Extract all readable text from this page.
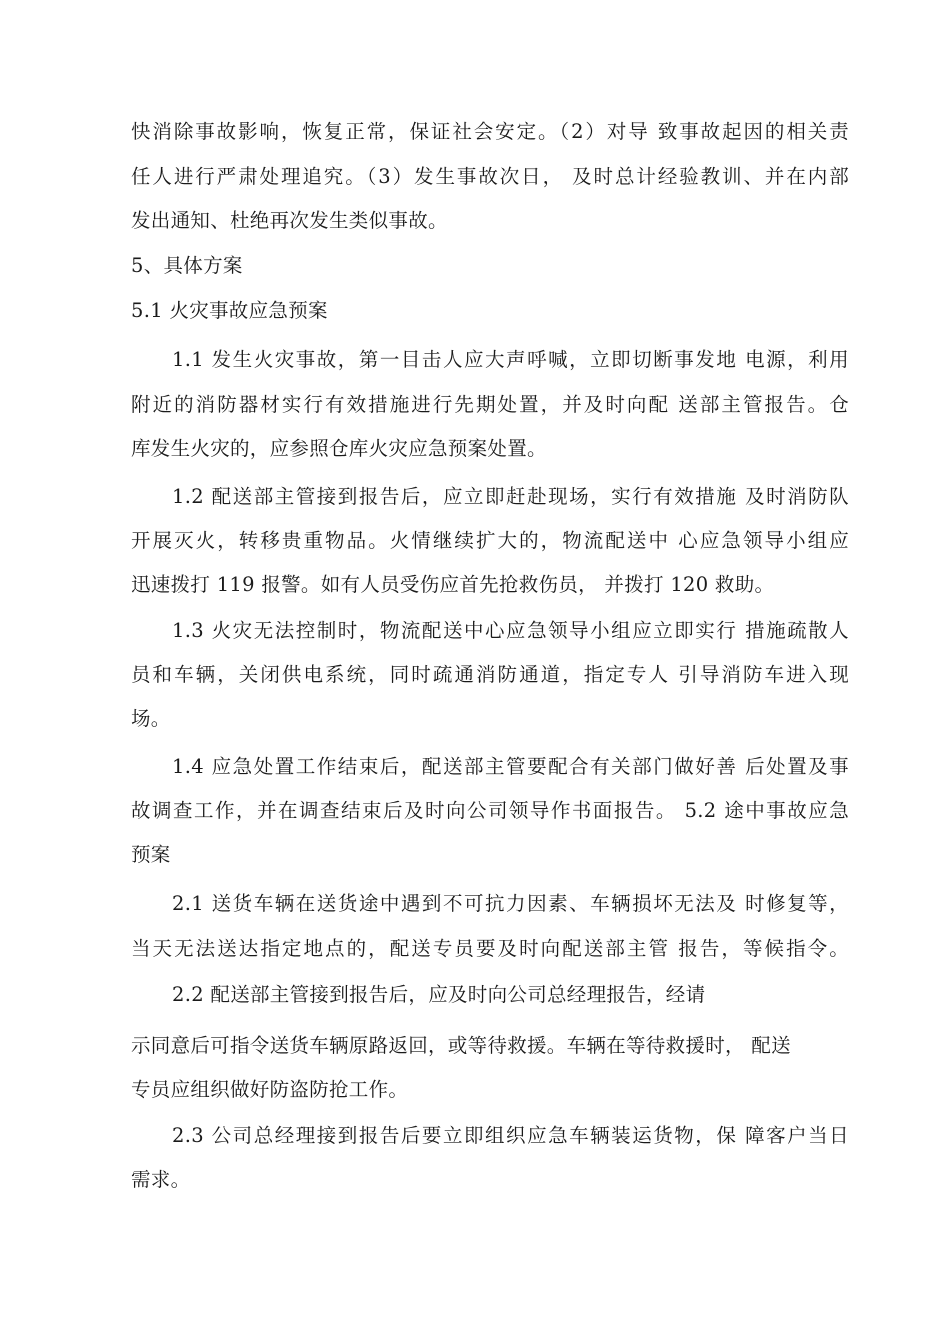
快消除事故影响，恢复正常，保证社会安定。（2）对导 致事故起因的相关责
任人进行严肃处理追究。（3）发生事故次日， 及时总计经验教训、并在内部
发出通知、杜绝再次发生类似事故。
5、具体方案
5.1 火灾事故应急预案
1.1 发生火灾事故，第一目击人应大声呼喊，立即切断事发地 电源，利用
附近的消防器材实行有效措施进行先期处置，并及时向配 送部主管报告。仓
库发生火灾的，应参照仓库火灾应急预案处置。
1.2 配送部主管接到报告后，应立即赶赴现场，实行有效措施 及时消防队
开展灭火，转移贵重物品。火情继续扩大的，物流配送中 心应急领导小组应
迅速拨打 119 报警。如有人员受伤应首先抢救伤员， 并拨打 120 救助。
1.3 火灾无法控制时，物流配送中心应急领导小组应立即实行 措施疏散人
员和车辆，关闭供电系统，同时疏通消防通道，指定专人 引导消防车进入现
场。
1.4 应急处置工作结束后，配送部主管要配合有关部门做好善 后处置及事
故调查工作，并在调查结束后及时向公司领导作书面报告。 5.2 途中事故应急
预案
2.1 送货车辆在送货途中遇到不可抗力因素、车辆损坏无法及 时修复等，
当天无法送达指定地点的，配送专员要及时向配送部主管 报告，等候指令。
2.2 配送部主管接到报告后，应及时向公司总经理报告，经请
示同意后可指令送货车辆原路返回，或等待救援。车辆在等待救援时， 配送
专员应组织做好防盗防抢工作。
2.3 公司总经理接到报告后要立即组织应急车辆装运货物，保 障客户当日
需求。
